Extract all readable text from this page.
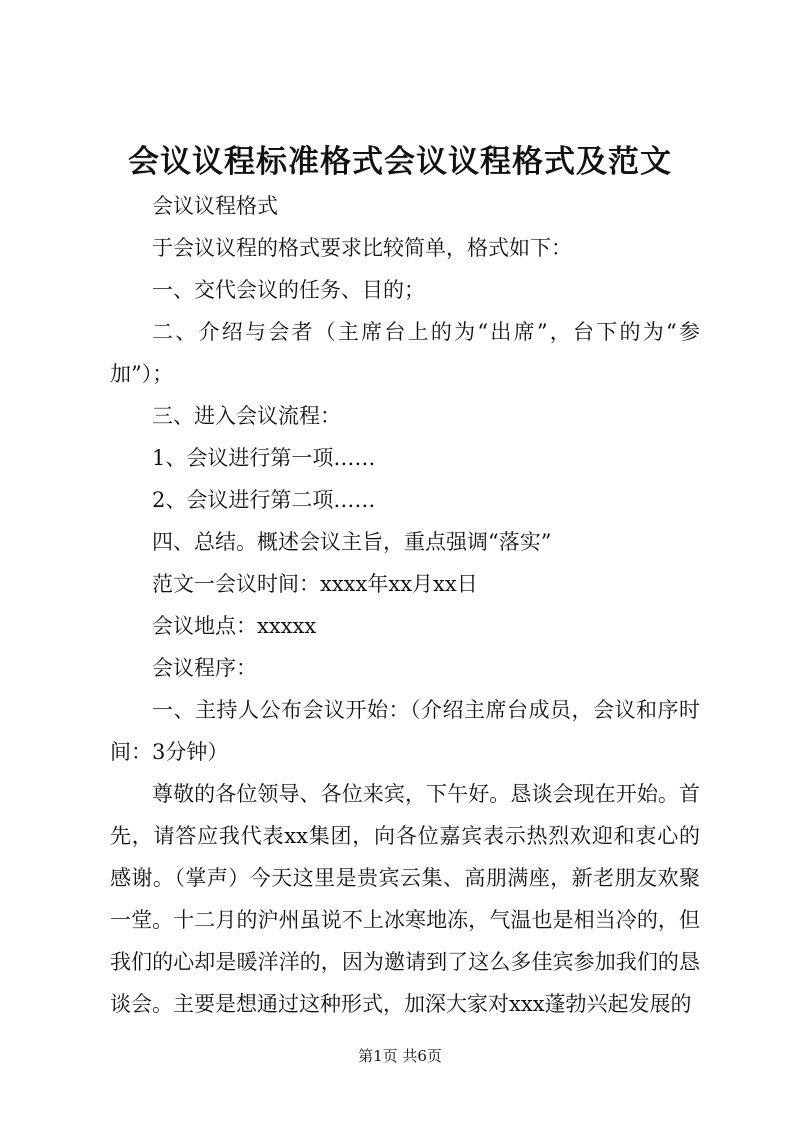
会议议程标准格式会议议程格式及范文

会议议程格式

于会议议程的格式要求比较简单，格式如下：

一、交代会议的任务、目的；

二、介绍与会者（主席台上的为“出席”，台下的为“参加”）；

三、进入会议流程：

1、会议进行第一项……

2、会议进行第二项……

四、总结。概述会议主旨，重点强调“落实”

范文一会议时间：xxxx年xx月xx日

会议地点：xxxxx

会议程序：

一、主持人公布会议开始：（介绍主席台成员，会议和序时间：3分钟）

尊敬的各位领导、各位来宾，下午好。恳谈会现在开始。首先，请答应我代表xx集团，向各位嘉宾表示热烈欢迎和衷心的感谢。（掌声）今天这里是贵宾云集、高朋满座，新老朋友欢聚一堂。十二月的沪州虽说不上冰寒地冻，气温也是相当冷的，但我们的心却是暖洋洋的，因为邀请到了这么多佳宾参加我们的恳谈会。主要是想通过这种形式，加深大家对xxx蓬勃兴起发展的

第1页 共6页
